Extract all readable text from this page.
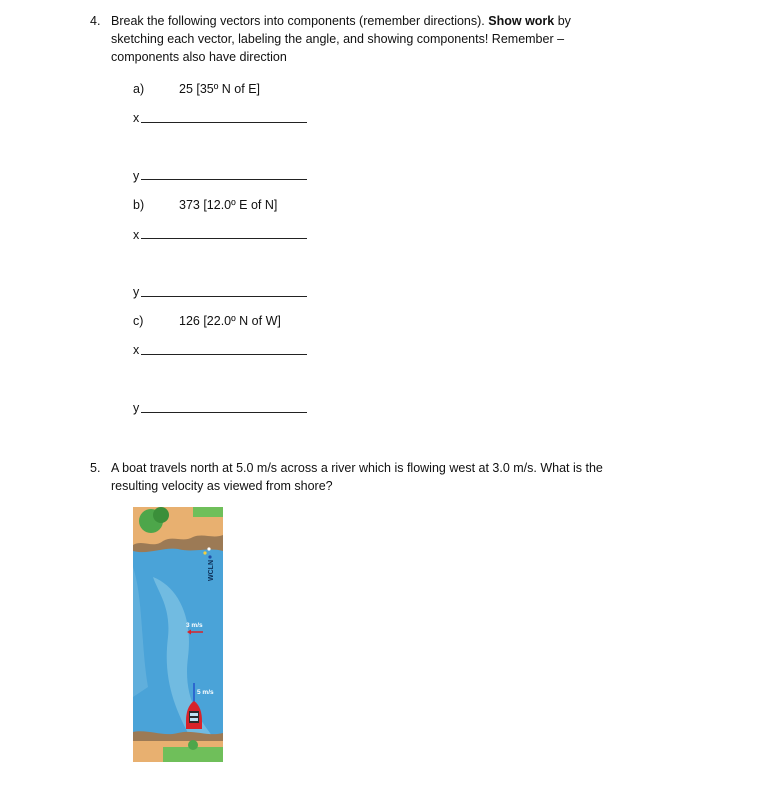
4. Break the following vectors into components (remember directions). Show work by
sketching each vector, labeling the angle, and showing components! Remember –
components also have direction
a)	25 [35º N of E]
x
y
b)	373 [12.0º E of N]
x
y
c)	126 [22.0º N of W]
x
y
5. A boat travels north at 5.0 m/s across a river which is flowing west at 3.0 m/s. What is the
resulting velocity as viewed from shore?
WCLN
3 m/s
5 m/s
